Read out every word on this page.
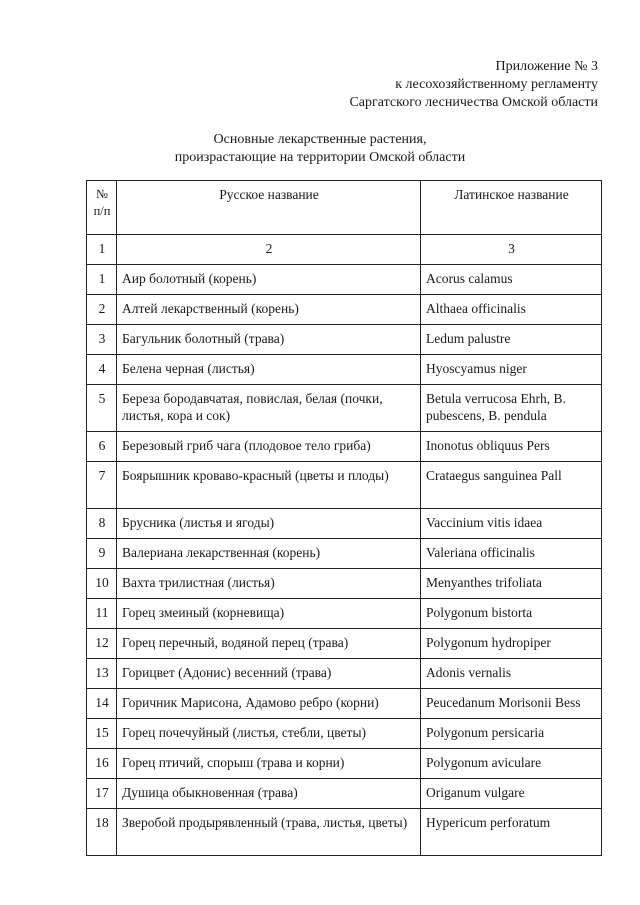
Приложение № 3
к лесохозяйственному регламенту
Саргатского лесничества Омской области
Основные лекарственные растения,
произрастающие на территории Омской области
№
п/п	Русское название	Латинское название
1	2	3
1	Аир болотный (корень)	Acorus calamus
2	Алтей лекарственный (корень)	Althaea officinalis
3	Багульник болотный (трава)	Ledum palustre
4	Белена черная (листья)	Hyoscyamus niger
5	Береза бородавчатая, повислая, белая (почки, листья, кора и сок)	Betula verrucosa Ehrh, B. pubescens, B. pendula
6	Березовый гриб чага (плодовое тело гриба)	Inonotus obliquus Pers
7	Боярышник кроваво-красный (цветы и плоды)	Crataegus sanguinea Pall
8	Брусника (листья и ягоды)	Vaccinium vitis idaea
9	Валериана лекарственная (корень)	Valeriana officinalis
10	Вахта трилистная (листья)	Menyanthes trifoliata
11	Горец змеиный (корневища)	Polygonum bistorta
12	Горец перечный, водяной перец (трава)	Polygonum hydropiper
13	Горицвет (Адонис) весенний (трава)	Adonis vernalis
14	Горичник Марисона, Адамово ребро (корни)	Peucedanum Morisonii Bess
15	Горец почечуйный (листья, стебли, цветы)	Polygonum persicaria
16	Горец птичий, спорыш (трава и корни)	Polygonum aviculare
17	Душица обыкновенная (трава)	Origanum vulgare
18	Зверобой продырявленный (трава, листья, цветы)	Hypericum perforatum
